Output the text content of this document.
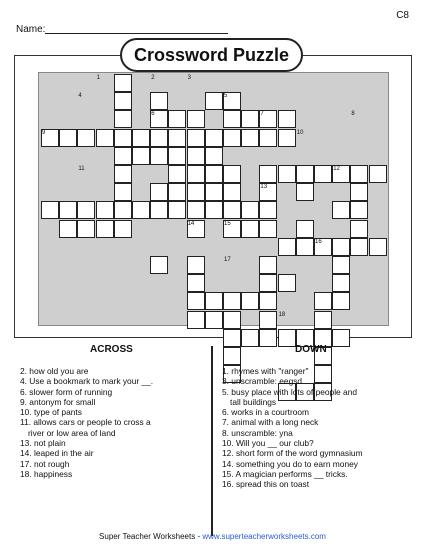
C8
Name:
Crossword Puzzle
1	2	3
4	5
6	7	8
9	10
11	12
13
14	15
16
17
18
ACROSS	DOWN
2. how old you are
4. Use a bookmark to mark your __.
6. slower form of running
9. antonym for small
10. type of pants
11. allows cars or people to cross a
river or low area of land
13. not plain
14. leaped in the air
17. not rough
18. happiness
1. rhymes with "ranger"
3. unscramble: eegsd
5. busy place with lots of people and
tall buildings
6. works in a courtroom
7. animal with a long neck
8. unscramble: yna
10. Will you __ our club?
12. short form of the word gymnasium
14. something you do to earn money
15. A magician performs __ tricks.
16. spread this on toast
Super Teacher Worksheets - www.superteacherworksheets.com
